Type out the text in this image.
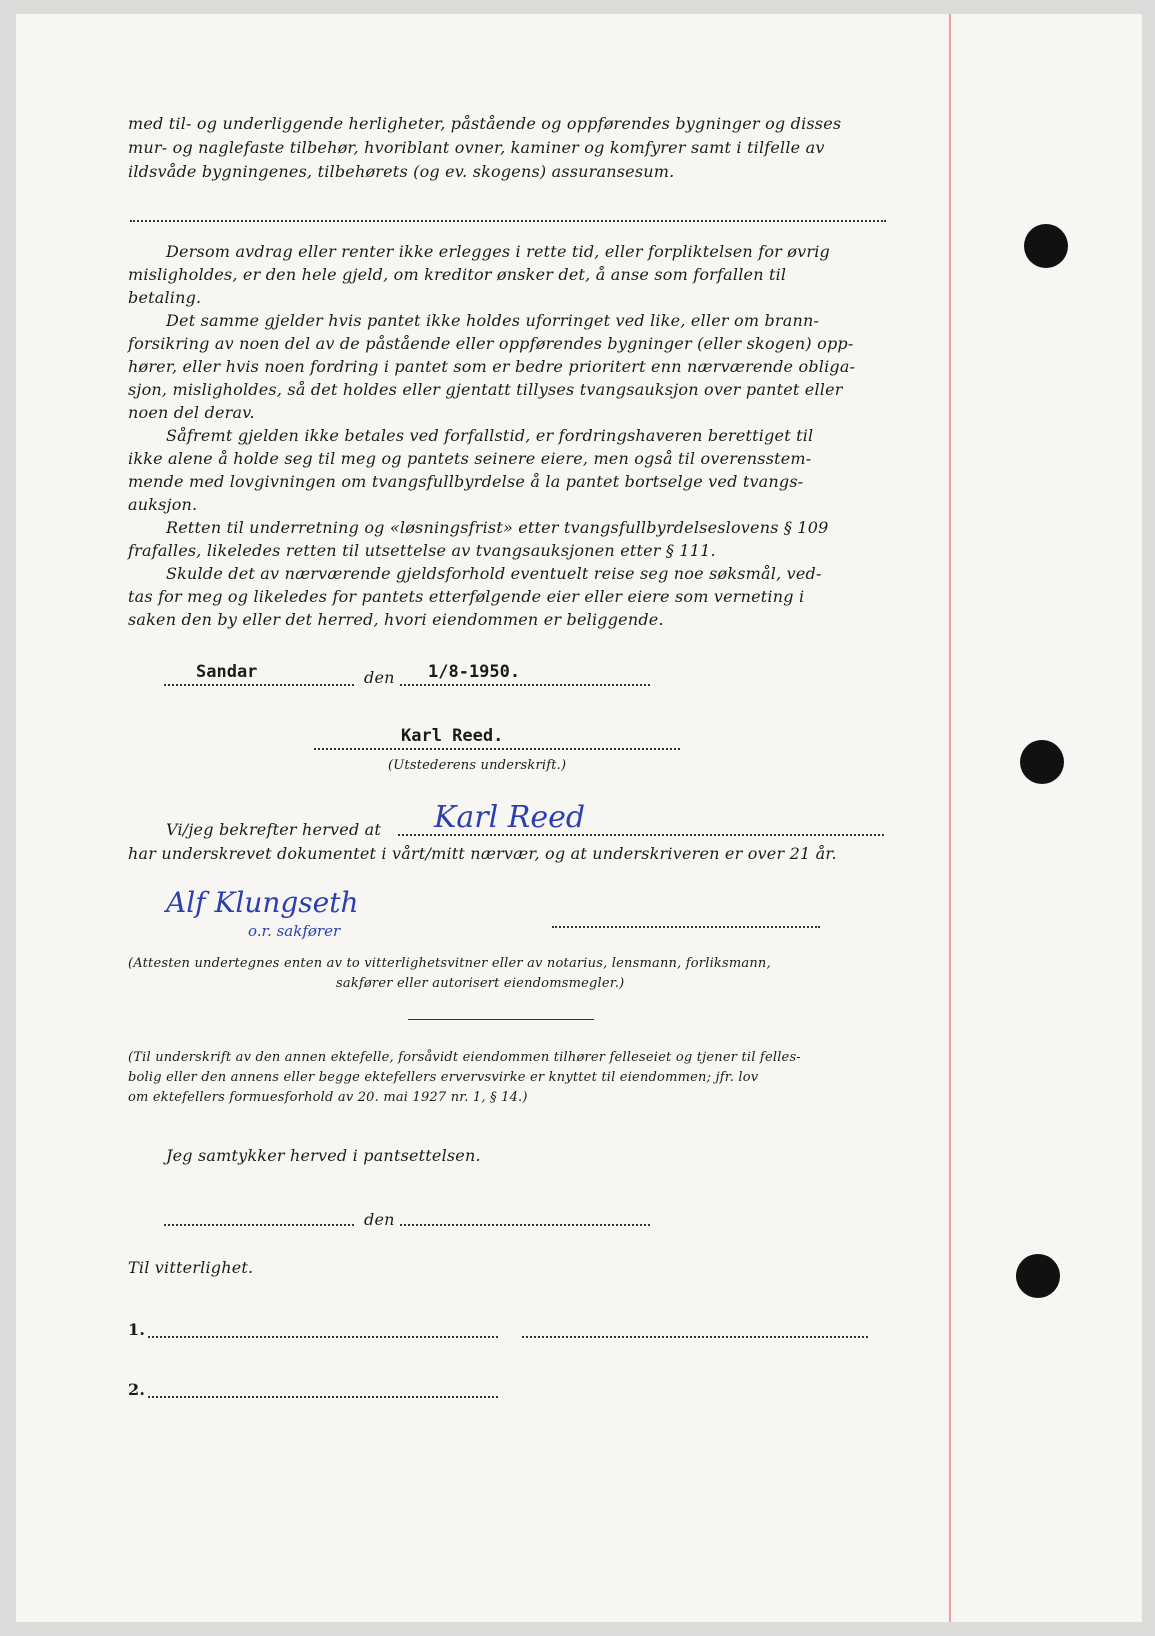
med til- og underliggende herligheter, påstående og oppførendes bygninger og disses
mur- og naglefaste tilbehør, hvoriblant ovner, kaminer og komfyrer samt i tilfelle av
ildsvåde bygningenes, tilbehørets (og ev. skogens) assuransesum.
Dersom avdrag eller renter ikke erlegges i rette tid, eller forpliktelsen for øvrig
misligholdes, er den hele gjeld, om kreditor ønsker det, å anse som forfallen til
betaling.
Det samme gjelder hvis pantet ikke holdes uforringet ved like, eller om brann-
forsikring av noen del av de påstående eller oppførendes bygninger (eller skogen) opp-
hører, eller hvis noen fordring i pantet som er bedre prioritert enn nærværende obliga-
sjon, misligholdes, så det holdes eller gjentatt tillyses tvangsauksjon over pantet eller
noen del derav.
Såfremt gjelden ikke betales ved forfallstid, er fordringshaveren berettiget til
ikke alene å holde seg til meg og pantets seinere eiere, men også til overensstem-
mende med lovgivningen om tvangsfullbyrdelse å la pantet bortselge ved tvangs-
auksjon.
Retten til underretning og «løsningsfrist» etter tvangsfullbyrdelseslovens § 109
frafalles, likeledes retten til utsettelse av tvangsauksjonen etter § 111.
Skulde det av nærværende gjeldsforhold eventuelt reise seg noe søksmål, ved-
tas for meg og likeledes for pantets etterfølgende eier eller eiere som verneting i
saken den by eller det herred, hvori eiendommen er beliggende.
Sandar	den 1/8-1950.
Karl Reed.
(Utstederens underskrift.)
Vi/jeg bekrefter herved at Karl Reed
har underskrevet dokumentet i vårt/mitt nærvær, og at underskriveren er over 21 år.
Alf Klungseth
o.r. sakfører
(Attesten undertegnes enten av to vitterlighetsvitner eller av notarius, lensmann, forliksmann,
sakfører eller autorisert eiendomsmegler.)
(Til underskrift av den annen ektefelle, forsåvidt eiendommen tilhører felleseiet og tjener til felles-
bolig eller den annens eller begge ektefellers ervervsvirke er knyttet til eiendommen; jfr. lov
om ektefellers formuesforhold av 20. mai 1927 nr. 1, § 14.)
Jeg samtykker herved i pantsettelsen.
den
Til vitterlighet.
1.
2.
